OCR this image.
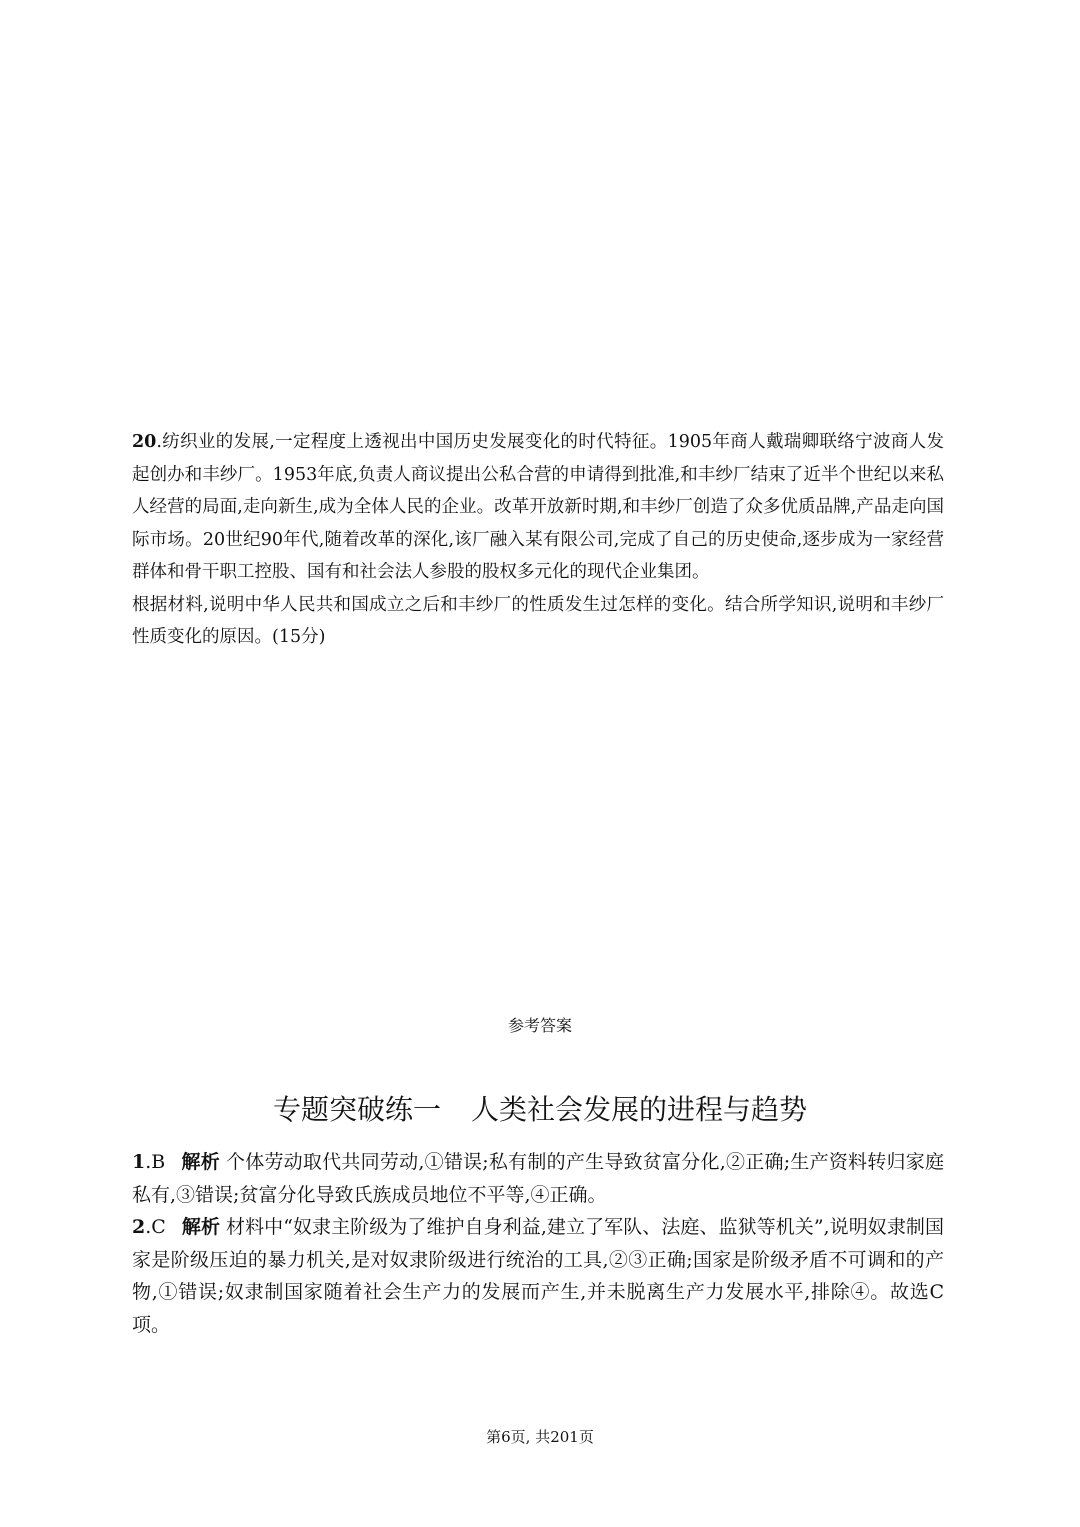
20.纺织业的发展,一定程度上透视出中国历史发展变化的时代特征。1905年商人戴瑞卿联络宁波商人发起创办和丰纱厂。1953年底,负责人商议提出公私合营的申请得到批准,和丰纱厂结束了近半个世纪以来私人经营的局面,走向新生,成为全体人民的企业。改革开放新时期,和丰纱厂创造了众多优质品牌,产品走向国际市场。20世纪90年代,随着改革的深化,该厂融入某有限公司,完成了自己的历史使命,逐步成为一家经营群体和骨干职工控股、国有和社会法人参股的股权多元化的现代企业集团。

根据材料,说明中华人民共和国成立之后和丰纱厂的性质发生过怎样的变化。结合所学知识,说明和丰纱厂性质变化的原因。(15分)

参考答案
专题突破练一 人类社会发展的进程与趋势

1.B 解析 个体劳动取代共同劳动,①错误;私有制的产生导致贫富分化,②正确;生产资料转归家庭私有,③错误;贫富分化导致氏族成员地位不平等,④正确。

2.C 解析 材料中“奴隶主阶级为了维护自身利益,建立了军队、法庭、监狱等机关”,说明奴隶制国家是阶级压迫的暴力机关,是对奴隶阶级进行统治的工具,②③正确;国家是阶级矛盾不可调和的产物,①错误;奴隶制国家随着社会生产力的发展而产生,并未脱离生产力发展水平,排除④。故选C项。

第6页, 共201页
